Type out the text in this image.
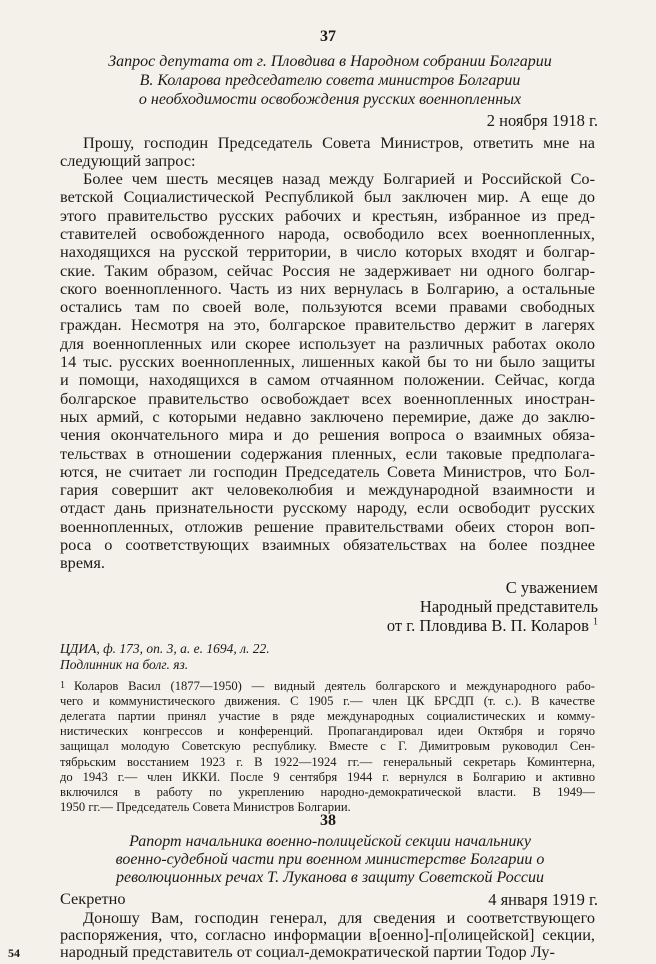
37
Запрос депутата от г. Пловдива в Народном собрании Болгарии
В. Коларова председателю совета министров Болгарии
о необходимости освобождения русских военнопленных
2 ноября 1918 г.
Прошу, господин Председатель Совета Министров, ответить мне на
следующий запрос:
Более чем шесть месяцев назад между Болгарией и Российской Со-
ветской Социалистической Республикой был заключен мир. А еще до
этого правительство русских рабочих и крестьян, избранное из пред-
ставителей освобожденного народа, освободило всех военнопленных,
находящихся на русской территории, в число которых входят и болгар-
ские. Таким образом, сейчас Россия не задерживает ни одного болгар-
ского военнопленного. Часть из них вернулась в Болгарию, а остальные
остались там по своей воле, пользуются всеми правами свободных
граждан. Несмотря на это, болгарское правительство держит в лагерях
для военнопленных или скорее использует на различных работах около
14 тыс. русских военнопленных, лишенных какой бы то ни было защиты
и помощи, находящихся в самом отчаянном положении. Сейчас, когда
болгарское правительство освобождает всех военнопленных иностран-
ных армий, с которыми недавно заключено перемирие, даже до заклю-
чения окончательного мира и до решения вопроса о взаимных обяза-
тельствах в отношении содержания пленных, если таковые предполага-
ются, не считает ли господин Председатель Совета Министров, что Бол-
гария совершит акт человеколюбия и международной взаимности и
отдаст дань признательности русскому народу, если освободит русских
военнопленных, отложив решение правительствами обеих сторон воп-
роса о соответствующих взаимных обязательствах на более позднее
время.
С уважением
Народный представитель
от г. Пловдива В. П. Коларов $^1$
ЦДИА, ф. 173, оп. 3, а. е. 1694, л. 22.
Подлинник на болг. яз.
1 Коларов Васил (1877—1950) — видный деятель болгарского и международного рабо-
чего и коммунистического движения. С 1905 г.— член ЦК БРСДП (т. с.). В качестве
делегата партии принял участие в ряде международных социалистических и комму-
нистических конгрессов и конференций. Пропагандировал идеи Октября и горячо
защищал молодую Советскую республику. Вместе с Г. Димитровым руководил Сен-
тябрьским восстанием 1923 г. В 1922—1924 гг.— генеральный секретарь Коминтерна,
до 1943 г.— член ИККИ. После 9 сентября 1944 г. вернулся в Болгарию и активно
включился в работу по укреплению народно-демократической власти. В 1949—
1950 гг.— Председатель Совета Министров Болгарии.
38
Рапорт начальника военно-полицейской секции начальнику
военно-судебной части при военном министерстве Болгарии о
революционных речах Т. Луканова в защиту Советской России
Секретно	4 января 1919 г.
Доношу Вам, господин генерал, для сведения и соответствующего
распоряжения, что, согласно информации в[оенно]-п[олицейской] секции,
54 народный представитель от социал-демократической партии Тодор Лу-
